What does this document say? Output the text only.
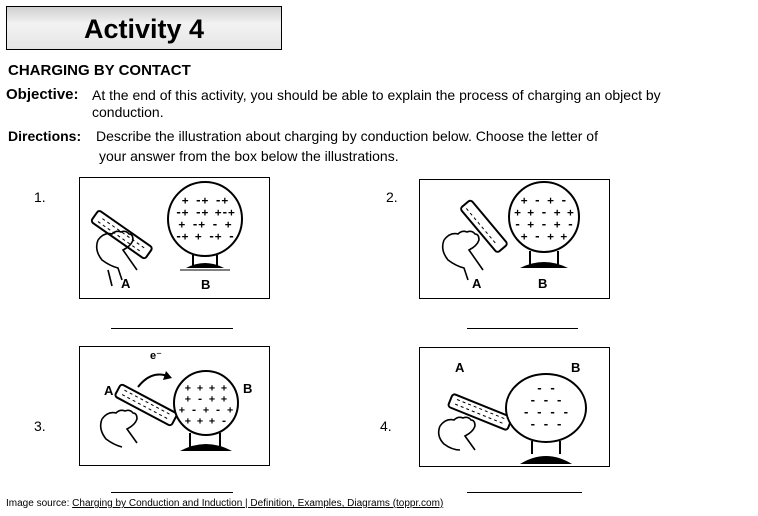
Activity 4
CHARGING BY CONTACT
Objective: At the end of this activity, you should be able to explain the process of charging an object by
conduction.
Directions: Describe the illustration about charging by conduction below. Choose the letter of
your answer from the box below the illustrations.
1.	+ -+ -+
-+ -+ +-+
+ -+ - +
-+ + -+ -
A	B
2.	+ - + -
+ + - + +
- + - + -
+ - + +
A	B
3.
+ + + +
+ - + +
+ - + - +
+ + + -
e⁻
A	B
4.
- -
- - -
- - - -
- - -
A	B
Image source: Charging by Conduction and Induction | Definition, Examples, Diagrams (toppr.com)
